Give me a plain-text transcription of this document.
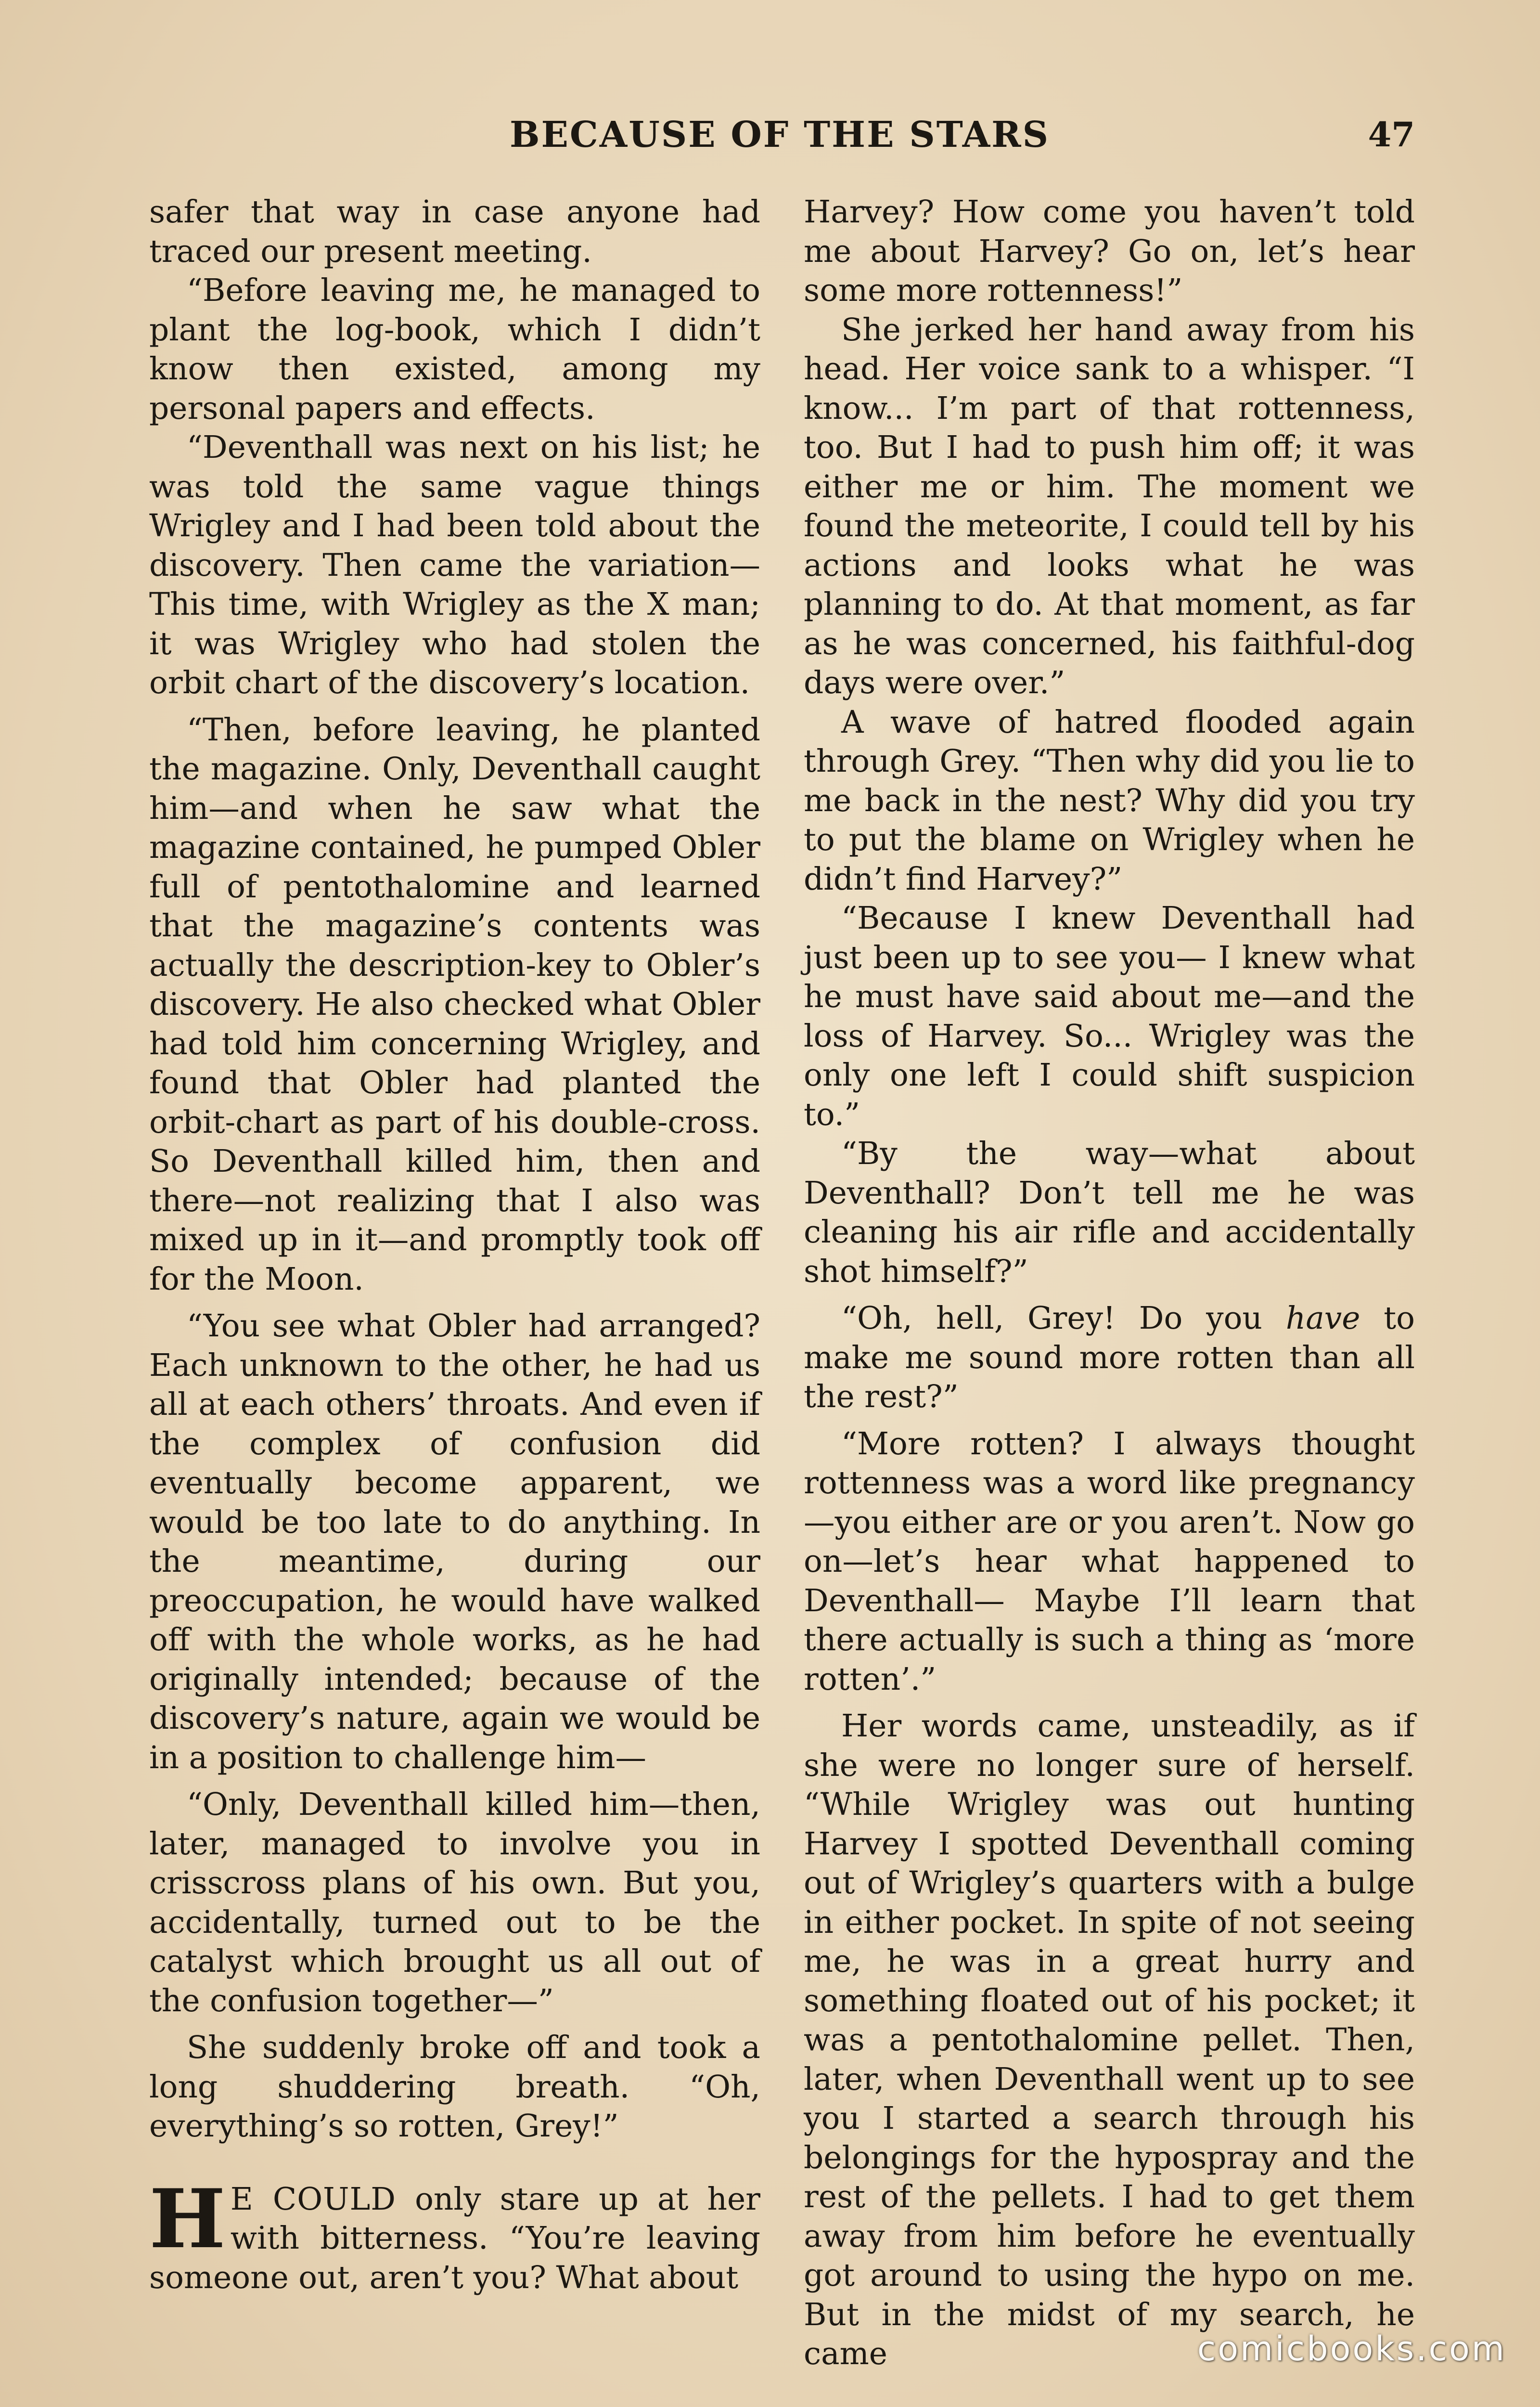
BECAUSE OF THE STARS	47

safer that way in case anyone had traced our present meeting.

“Before leaving me, he managed to plant the log-book, which I didn’t know then existed, among my personal papers and effects.

“Deventhall was next on his list; he was told the same vague things Wrigley and I had been told about the discovery. Then came the variation— This time, with Wrigley as the X man; it was Wrigley who had stolen the orbit chart of the discovery’s location.

“Then, before leaving, he planted the magazine. Only, Deventhall caught him—and when he saw what the magazine contained, he pumped Obler full of pentothalomine and learned that the magazine’s contents was actually the description-key to Obler’s discovery. He also checked what Obler had told him concerning Wrigley, and found that Obler had planted the orbit-chart as part of his double-cross. So Deventhall killed him, then and there—not realizing that I also was mixed up in it—and promptly took off for the Moon.

“You see what Obler had arranged? Each unknown to the other, he had us all at each others’ throats. And even if the complex of confusion did eventually become apparent, we would be too late to do anything. In the meantime, during our preoccupation, he would have walked off with the whole works, as he had originally intended; because of the discovery’s nature, again we would be in a position to challenge him—

“Only, Deventhall killed him—then, later, managed to involve you in crisscross plans of his own. But you, accidentally, turned out to be the catalyst which brought us all out of the confusion together—”

She suddenly broke off and took a long shuddering breath. “Oh, everything’s so rotten, Grey!”

H E COULD only stare up at her with bitterness. “You’re leaving someone out, aren’t you? What about

Harvey? How come you haven’t told me about Harvey? Go on, let’s hear some more rottenness!”

She jerked her hand away from his head. Her voice sank to a whisper. “I know... I’m part of that rottenness, too. But I had to push him off; it was either me or him. The moment we found the meteorite, I could tell by his actions and looks what he was planning to do. At that moment, as far as he was concerned, his faithful-dog days were over.”

A wave of hatred flooded again through Grey. “Then why did you lie to me back in the nest? Why did you try to put the blame on Wrigley when he didn’t find Harvey?”

“Because I knew Deventhall had just been up to see you— I knew what he must have said about me—and the loss of Harvey. So... Wrigley was the only one left I could shift suspicion to.”

“By the way—what about Deventhall? Don’t tell me he was cleaning his air rifle and accidentally shot himself?”

“Oh, hell, Grey! Do you have to make me sound more rotten than all the rest?”

“More rotten? I always thought rottenness was a word like pregnancy—you either are or you aren’t. Now go on—let’s hear what happened to Deventhall— Maybe I’ll learn that there actually is such a thing as ‘more rotten’.”

Her words came, unsteadily, as if she were no longer sure of herself. “While Wrigley was out hunting Harvey I spotted Deventhall coming out of Wrigley’s quarters with a bulge in either pocket. In spite of not seeing me, he was in a great hurry and something floated out of his pocket; it was a pentothalomine pellet. Then, later, when Deventhall went up to see you I started a search through his belongings for the hypospray and the rest of the pellets. I had to get them away from him before he eventually got around to using the hypo on me. But in the midst of my search, he came	comicbooks.com
